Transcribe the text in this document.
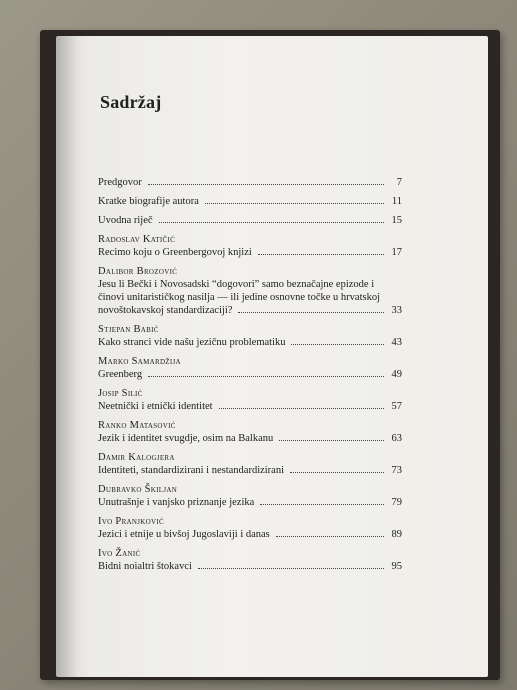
Sadržaj
Predgovor	7
Kratke biografije autora	11
Uvodna riječ	15
Radoslav Katičić
Recimo koju o Greenbergovoj knjizi	17
Dalibor Brozović
Jesu li Bečki i Novosadski “dogovori” samo beznačajne epizode i
činovi unitarističkog nasilja — ili jedine osnovne točke u hrvatskoj
novoštokavskoj standardizaciji?	33
Stjepan Babić
Kako stranci vide našu jezičnu problematiku	43
Marko Samardžija
Greenberg	49
Josip Silić
Neetnički i etnički identitet	57
Ranko Matasović
Jezik i identitet svugdje, osim na Balkanu	63
Damir Kalogjera
Identiteti, standardizirani i nestandardizirani	73
Dubravko Škiljan
Unutrašnje i vanjsko priznanje jezika	79
Ivo Pranjković
Jezici i etnije u bivšoj Jugoslaviji i danas	89
Ivo Žanić
Bidni noialtri štokavci	95
